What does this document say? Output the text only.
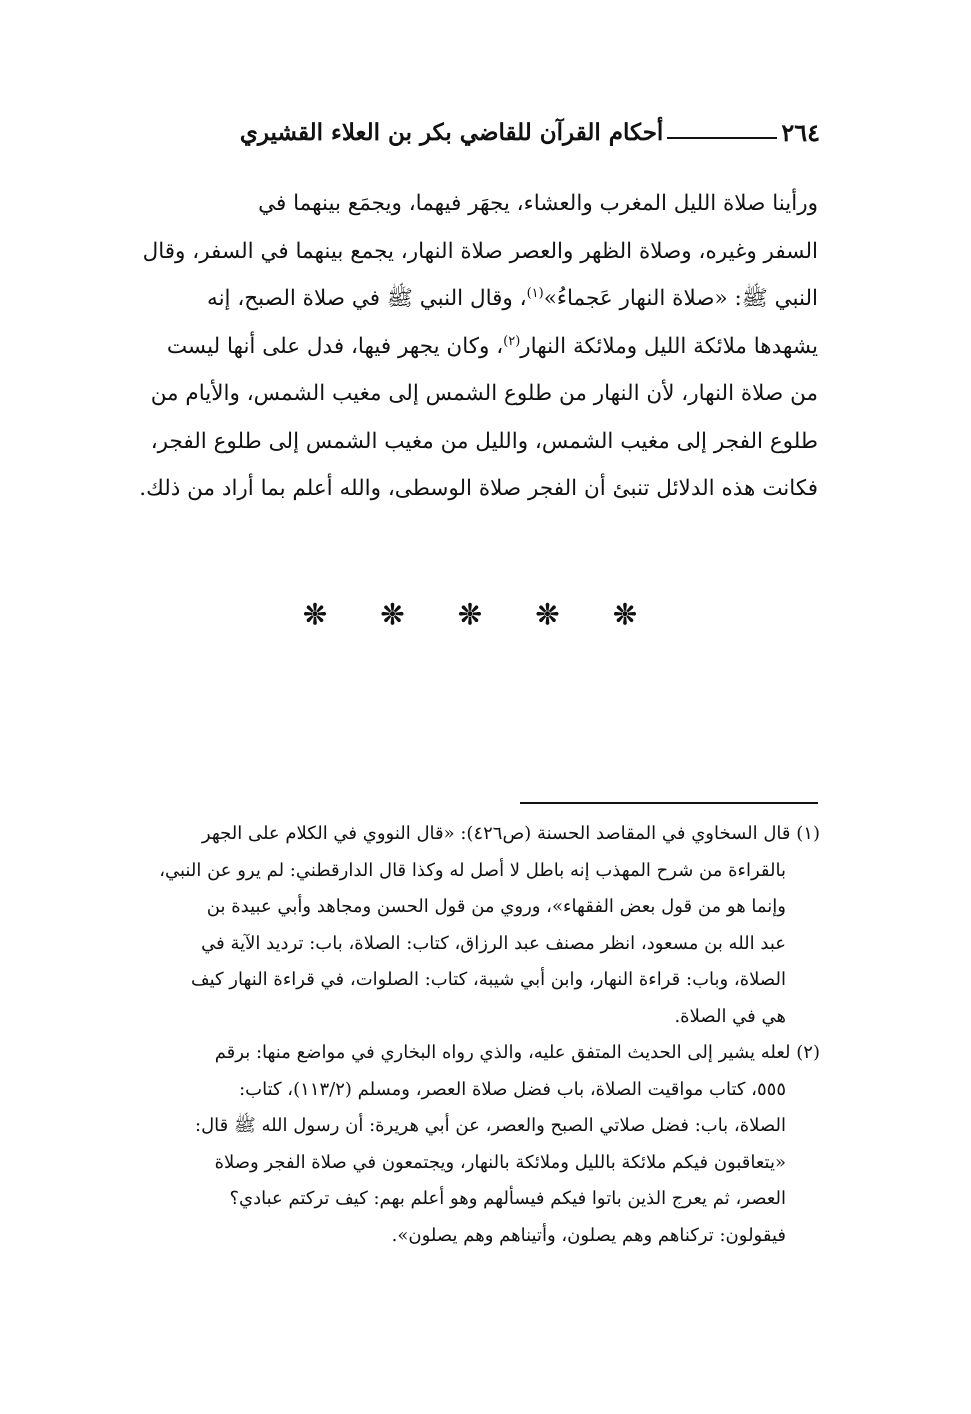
٢٦٤
أحكام القرآن للقاضي بكر بن العلاء القشيري
ورأينا صلاة الليل المغرب والعشاء، يجهَر فيهما، ويجمَع بينهما في
السفر وغيره، وصلاة الظهر والعصر صلاة النهار، يجمع بينهما في السفر، وقال
النبي ﷺ: «صلاة النهار عَجماءُ»$^{(١)}$، وقال النبي ﷺ في صلاة الصبح، إنه
يشهدها ملائكة الليل وملائكة النهار$^{(٢)}$، وكان يجهر فيها، فدل على أنها ليست
من صلاة النهار، لأن النهار من طلوع الشمس إلى مغيب الشمس، والأيام من
طلوع الفجر إلى مغيب الشمس، والليل من مغيب الشمس إلى طلوع الفجر،
فكانت هذه الدلائل تنبئ أن الفجر صلاة الوسطى، والله أعلم بما أراد من ذلك.
❊
❊
❊
❊
❊
(١) قال السخاوي في المقاصد الحسنة (ص٤٢٦): «قال النووي في الكلام على الجهر
بالقراءة من شرح المهذب إنه باطل لا أصل له وكذا قال الدارقطني: لم يرو عن النبي،
وإنما هو من قول بعض الفقهاء»، وروي من قول الحسن ومجاهد وأبي عبيدة بن
عبد الله بن مسعود، انظر مصنف عبد الرزاق، كتاب: الصلاة، باب: ترديد الآية في
الصلاة، وباب: قراءة النهار، وابن أبي شيبة، كتاب: الصلوات، في قراءة النهار كيف
هي في الصلاة.
(٢) لعله يشير إلى الحديث المتفق عليه، والذي رواه البخاري في مواضع منها: برقم
٥٥٥، كتاب مواقيت الصلاة، باب فضل صلاة العصر، ومسلم (١١٣/٢)، كتاب:
الصلاة، باب: فضل صلاتي الصبح والعصر، عن أبي هريرة: أن رسول الله ﷺ قال:
«يتعاقبون فيكم ملائكة بالليل وملائكة بالنهار، ويجتمعون في صلاة الفجر وصلاة
العصر، ثم يعرج الذين باتوا فيكم فيسألهم وهو أعلم بهم: كيف تركتم عبادي؟
فيقولون: تركناهم وهم يصلون، وأتيناهم وهم يصلون».
